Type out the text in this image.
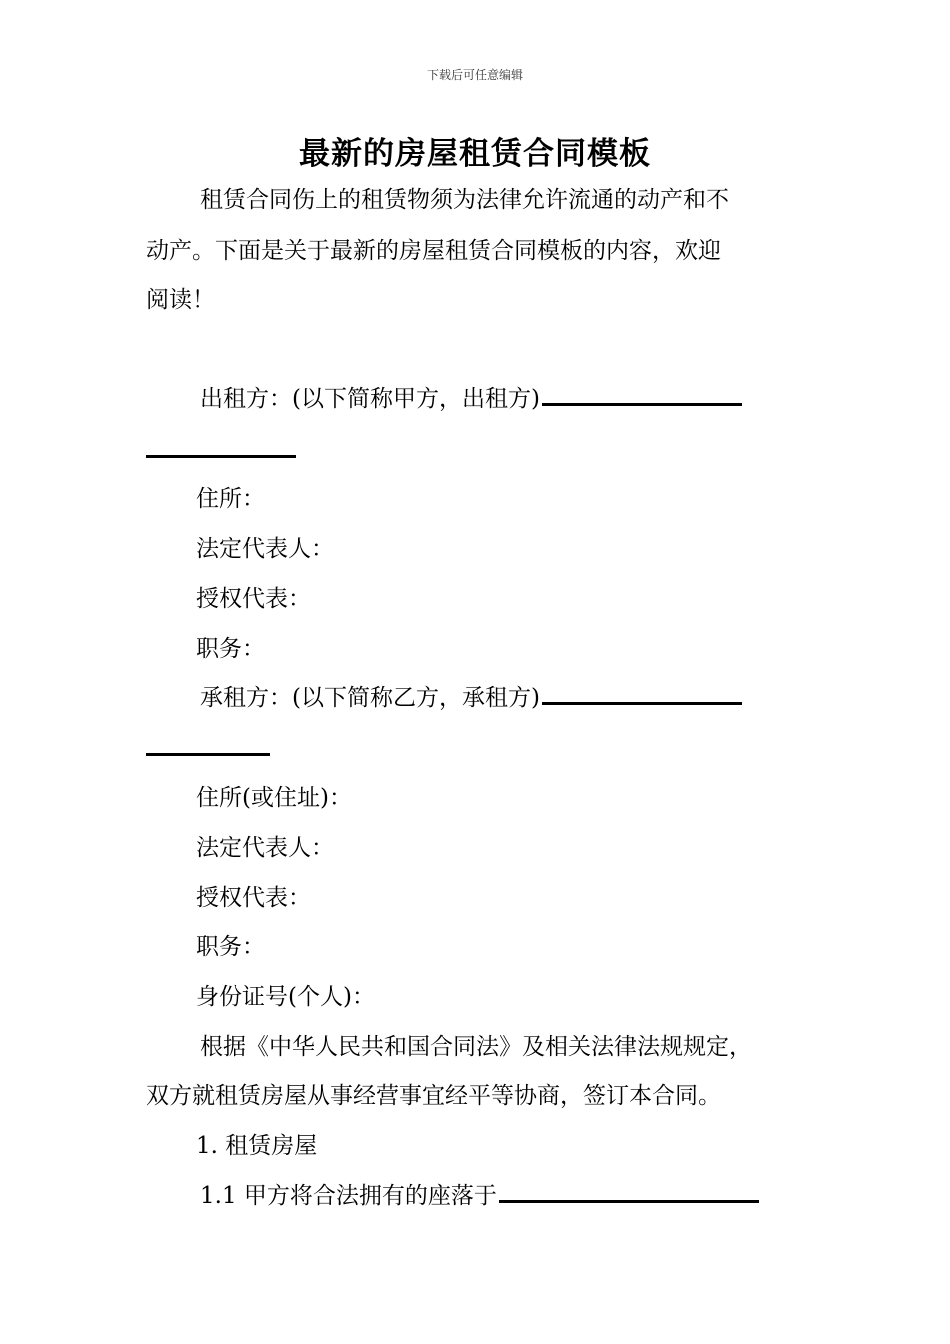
下载后可任意编辑
最新的房屋租赁合同模板
租赁合同伤上的租赁物须为法律允许流通的动产和不
动产。下面是关于最新的房屋租赁合同模板的内容，欢迎
阅读！
出租方：(以下简称甲方，出租方)
住所：
法定代表人：
授权代表：
职务：
承租方：(以下简称乙方，承租方)
住所(或住址)：
法定代表人：
授权代表：
职务：
身份证号(个人)：
根据《中华人民共和国合同法》及相关法律法规规定，
双方就租赁房屋从事经营事宜经平等协商，签订本合同。
1. 租赁房屋
1.1 甲方将合法拥有的座落于
